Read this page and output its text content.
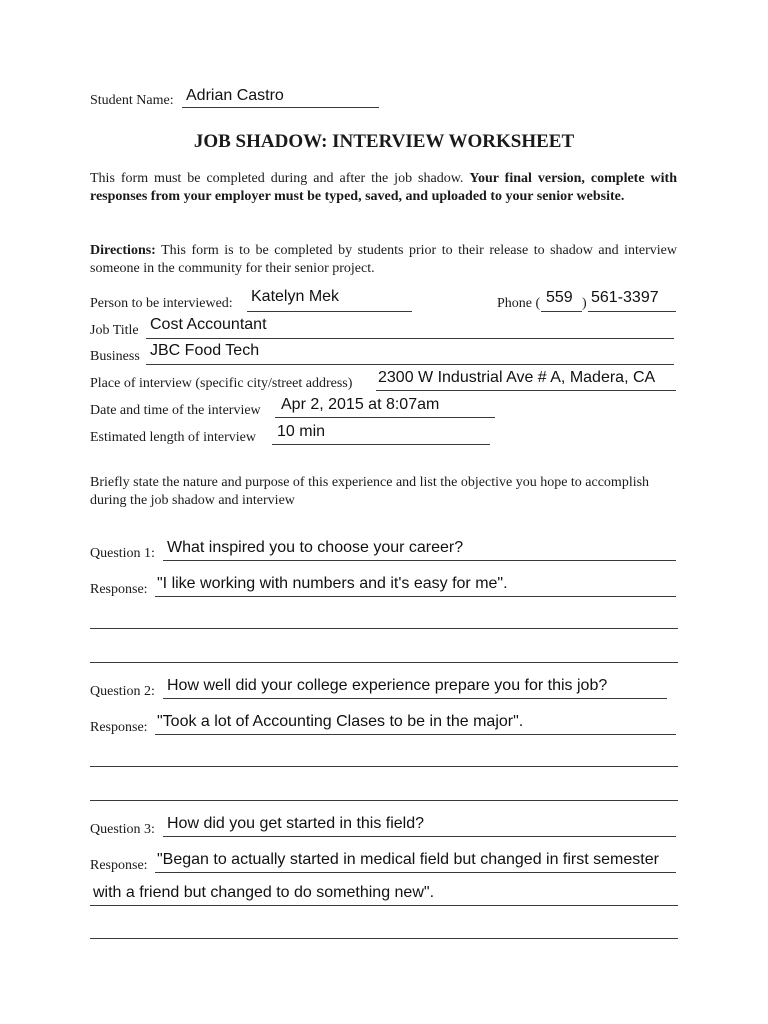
Student Name: Adrian Castro
JOB SHADOW: INTERVIEW WORKSHEET
This form must be completed during and after the job shadow. Your final version, complete with responses from your employer must be typed, saved, and uploaded to your senior website.
Directions: This form is to be completed by students prior to their release to shadow and interview someone in the community for their senior project.
Person to be interviewed: Katelyn Mek	Phone ( 559 ) 561-3397
Job Title Cost Accountant
Business JBC Food Tech
Place of interview (specific city/street address) 2300 W Industrial Ave # A, Madera, CA
Date and time of the interview Apr 2, 2015 at 8:07am
Estimated length of interview 10 min
Briefly state the nature and purpose of this experience and list the objective you hope to accomplish during the job shadow and interview
Question 1: What inspired you to choose your career?
Response: "I like working with numbers and it's easy for me".
Question 2: How well did your college experience prepare you for this job?
Response: "Took a lot of Accounting Clases to be in the major".
Question 3: How did you get started in this field?
Response: "Began to actually started in medical field but changed in first semester
with a friend but changed to do something new".
